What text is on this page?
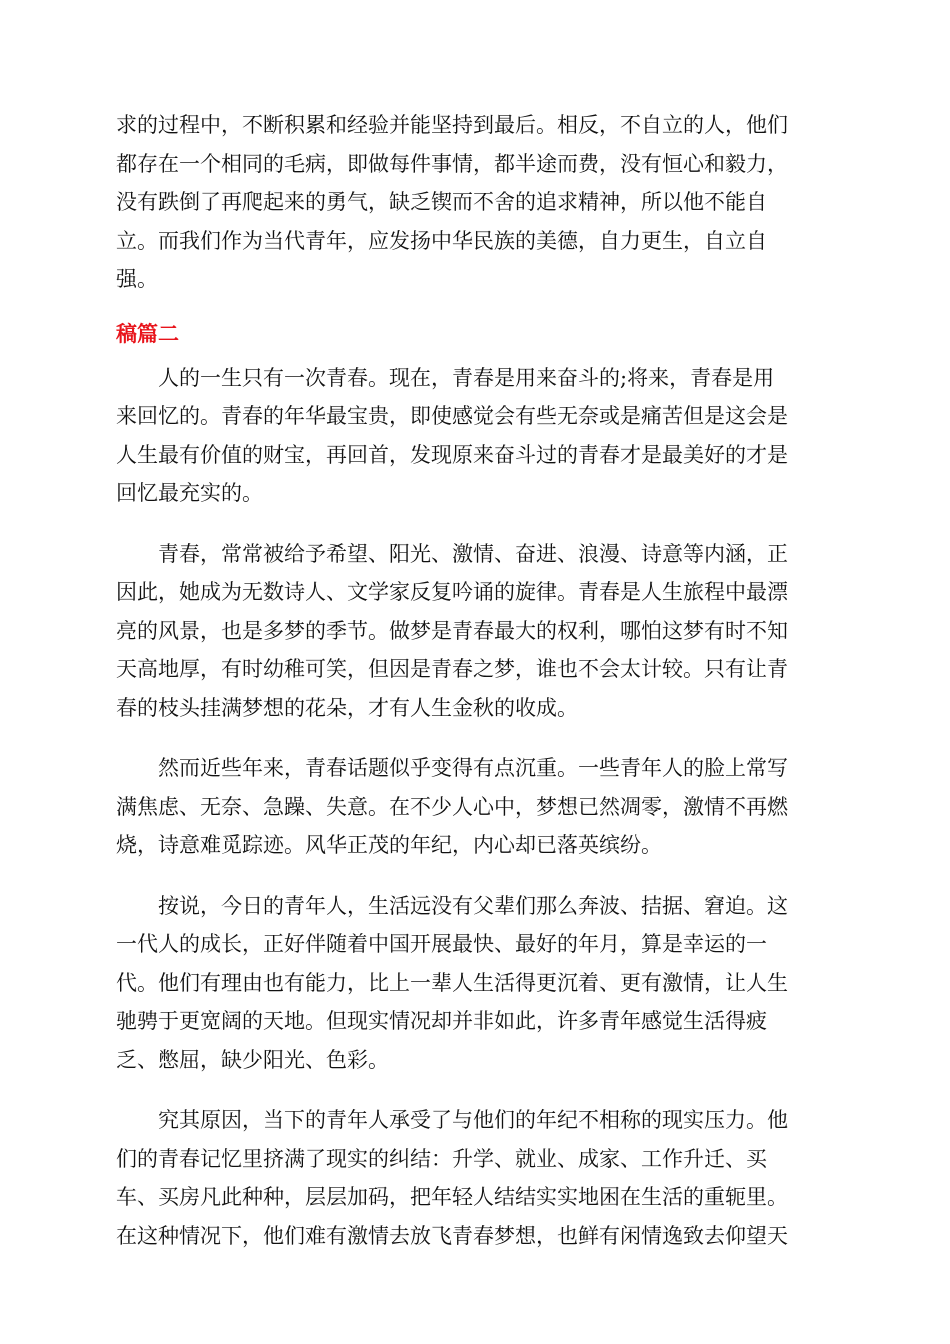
求的过程中，不断积累和经验并能坚持到最后。相反，不自立的人，他们
都存在一个相同的毛病，即做每件事情，都半途而费，没有恒心和毅力，
没有跌倒了再爬起来的勇气，缺乏锲而不舍的追求精神，所以他不能自
立。而我们作为当代青年，应发扬中华民族的美德，自力更生，自立自
强。

稿篇二

人的一生只有一次青春。现在，青春是用来奋斗的;将来，青春是用
来回忆的。青春的年华最宝贵，即使感觉会有些无奈或是痛苦但是这会是
人生最有价值的财宝，再回首，发现原来奋斗过的青春才是最美好的才是
回忆最充实的。

青春，常常被给予希望、阳光、激情、奋进、浪漫、诗意等内涵，正
因此，她成为无数诗人、文学家反复吟诵的旋律。青春是人生旅程中最漂
亮的风景，也是多梦的季节。做梦是青春最大的权利，哪怕这梦有时不知
天高地厚，有时幼稚可笑，但因是青春之梦，谁也不会太计较。只有让青
春的枝头挂满梦想的花朵，才有人生金秋的收成。

然而近些年来，青春话题似乎变得有点沉重。一些青年人的脸上常写
满焦虑、无奈、急躁、失意。在不少人心中，梦想已然凋零，激情不再燃
烧，诗意难觅踪迹。风华正茂的年纪，内心却已落英缤纷。

按说，今日的青年人，生活远没有父辈们那么奔波、拮据、窘迫。这
一代人的成长，正好伴随着中国开展最快、最好的年月，算是幸运的一
代。他们有理由也有能力，比上一辈人生活得更沉着、更有激情，让人生
驰骋于更宽阔的天地。但现实情况却并非如此，许多青年感觉生活得疲
乏、憋屈，缺少阳光、色彩。

究其原因，当下的青年人承受了与他们的年纪不相称的现实压力。他
们的青春记忆里挤满了现实的纠结：升学、就业、成家、工作升迁、买
车、买房凡此种种，层层加码，把年轻人结结实实地困在生活的重轭里。
在这种情况下，他们难有激情去放飞青春梦想，也鲜有闲情逸致去仰望天
